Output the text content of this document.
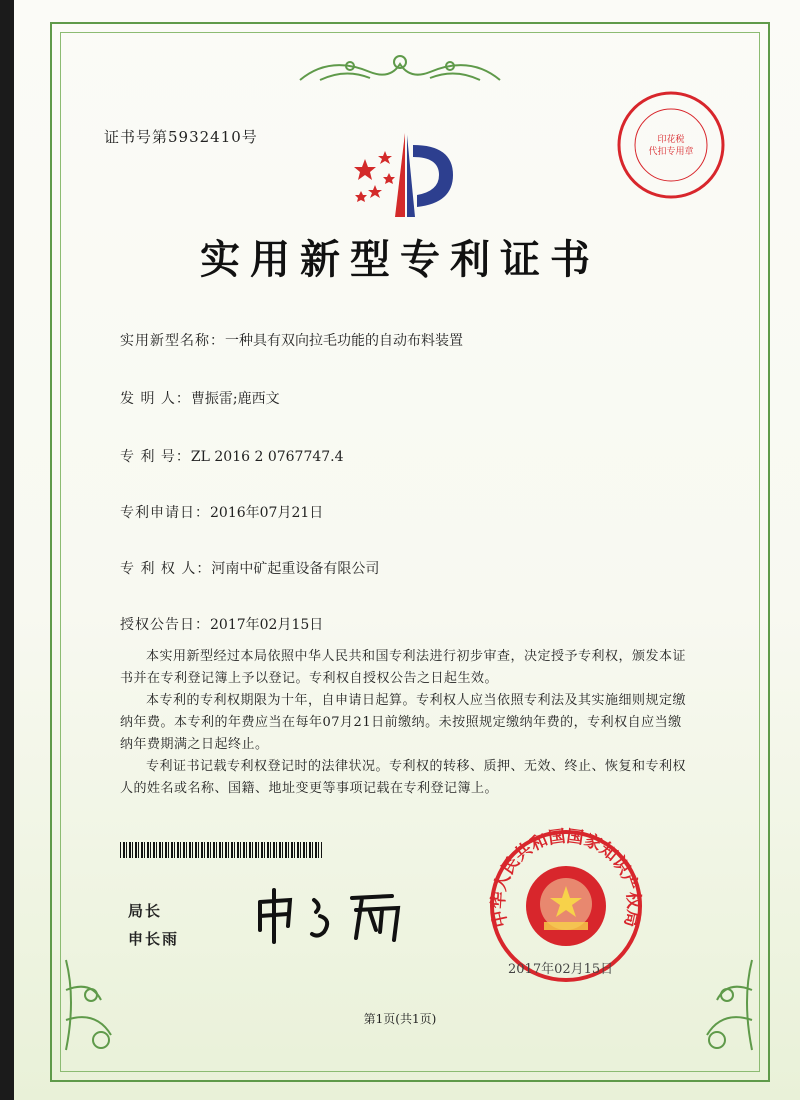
证书号第5932410号	印花税
代扣专用章
实用新型专利证书
实用新型名称：一种具有双向拉毛功能的自动布料装置
发 明 人：曹振雷;鹿西文
专 利 号：ZL 2016 2 0767747.4
专利申请日：2016年07月21日
专 利 权 人：河南中矿起重设备有限公司
授权公告日：2017年02月15日

本实用新型经过本局依照中华人民共和国专利法进行初步审查，决定授予专利权，颁发本证书并在专利登记簿上予以登记。专利权自授权公告之日起生效。

本专利的专利权期限为十年，自申请日起算。专利权人应当依照专利法及其实施细则规定缴纳年费。本专利的年费应当在每年07月21日前缴纳。未按照规定缴纳年费的，专利权自应当缴纳年费期满之日起终止。

专利证书记载专利权登记时的法律状况。专利权的转移、质押、无效、终止、恢复和专利权人的姓名或名称、国籍、地址变更等事项记载在专利登记簿上。

局长
申长雨
中华人民共和国国家知识产权局
2017年02月15日
第1页(共1页)
